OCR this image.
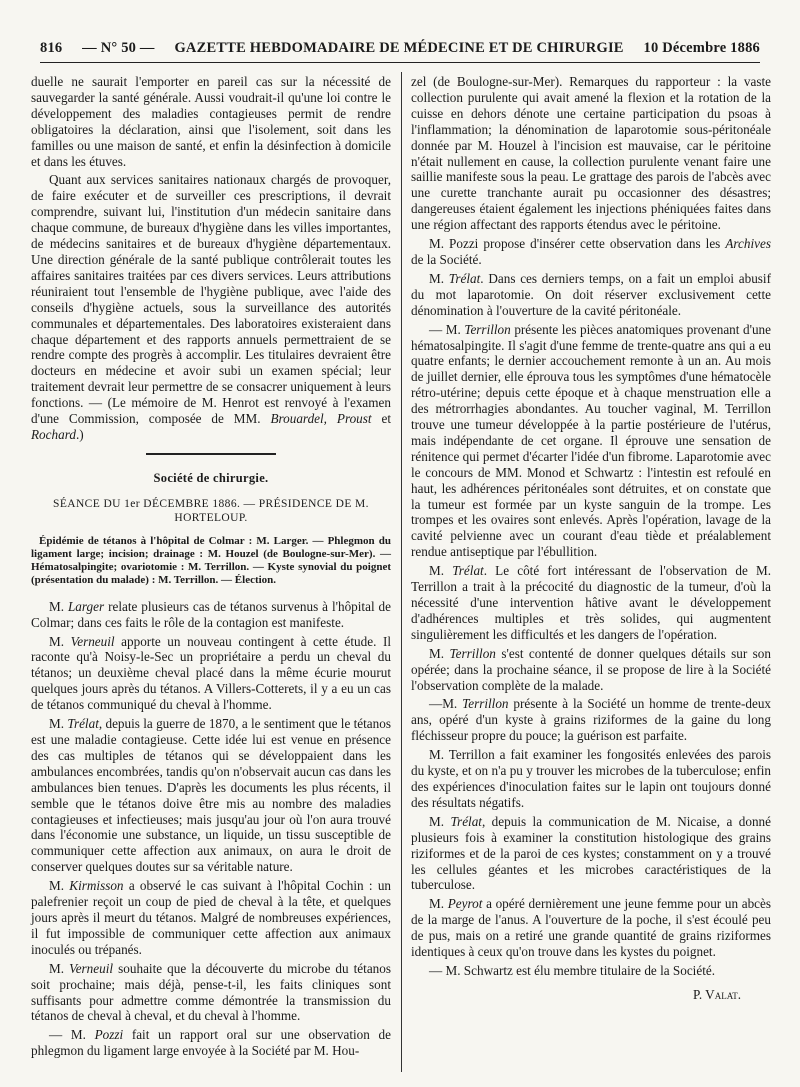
816 — N° 50 — GAZETTE HEBDOMADAIRE DE MÉDECINE ET DE CHIRURGIE 10 Décembre 1886

duelle ne saurait l'emporter en pareil cas sur la nécessité de sauvegarder la santé générale. Aussi voudrait-il qu'une loi contre le développement des maladies contagieuses permit de rendre obligatoires la déclaration, ainsi que l'isolement, soit dans les familles ou une maison de santé, et enfin la désinfection à domicile et dans les étuves.

Quant aux services sanitaires nationaux chargés de provoquer, de faire exécuter et de surveiller ces prescriptions, il devrait comprendre, suivant lui, l'institution d'un médecin sanitaire dans chaque commune, de bureaux d'hygiène dans les villes importantes, de médecins sanitaires et de bureaux d'hygiène départementaux. Une direction générale de la santé publique contrôlerait toutes les affaires sanitaires traitées par ces divers services. Leurs attributions réuniraient tout l'ensemble de l'hygiène publique, avec l'aide des conseils d'hygiène actuels, sous la surveillance des autorités communales et départementales. Des laboratoires existeraient dans chaque département et des rapports annuels permettraient de se rendre compte des progrès à accomplir. Les titulaires devraient être docteurs en médecine et avoir subi un examen spécial; leur traitement devrait leur permettre de se consacrer uniquement à leurs fonctions. — (Le mémoire de M. Henrot est renvoyé à l'examen d'une Commission, composée de MM. Brouardel, Proust et Rochard.)

Société de chirurgie.
SÉANCE DU 1er DÉCEMBRE 1886. — PRÉSIDENCE DE M. HORTELOUP.
Épidémie de tétanos à l'hôpital de Colmar : M. Larger. — Phlegmon du ligament large; incision; drainage : M. Houzel (de Boulogne-sur-Mer). — Hématosalpingite; ovariotomie : M. Terrillon. — Kyste synovial du poignet (présentation du malade) : M. Terrillon. — Élection.

M. Larger relate plusieurs cas de tétanos survenus à l'hôpital de Colmar; dans ces faits le rôle de la contagion est manifeste.

M. Verneuil apporte un nouveau contingent à cette étude. Il raconte qu'à Noisy-le-Sec un propriétaire a perdu un cheval du tétanos; un deuxième cheval placé dans la même écurie mourut quelques jours après du tétanos. A Villers-Cotterets, il y a eu un cas de tétanos communiqué du cheval à l'homme.

M. Trélat, depuis la guerre de 1870, a le sentiment que le tétanos est une maladie contagieuse. Cette idée lui est venue en présence des cas multiples de tétanos qui se développaient dans les ambulances encombrées, tandis qu'on n'observait aucun cas dans les ambulances bien tenues. D'après les documents les plus récents, il semble que le tétanos doive être mis au nombre des maladies contagieuses et infectieuses; mais jusqu'au jour où l'on aura trouvé dans l'économie une substance, un liquide, un tissu susceptible de communiquer cette affection aux animaux, on aura le droit de conserver quelques doutes sur sa véritable nature.

M. Kirmisson a observé le cas suivant à l'hôpital Cochin : un palefrenier reçoit un coup de pied de cheval à la tête, et quelques jours après il meurt du tétanos. Malgré de nombreuses expériences, il fut impossible de communiquer cette affection aux animaux inoculés ou trépanés.

M. Verneuil souhaite que la découverte du microbe du tétanos soit prochaine; mais déjà, pense-t-il, les faits cliniques sont suffisants pour admettre comme démontrée la transmission du tétanos de cheval à cheval, et du cheval à l'homme.

— M. Pozzi fait un rapport oral sur une observation de phlegmon du ligament large envoyée à la Société par M. Hou-

zel (de Boulogne-sur-Mer). Remarques du rapporteur : la vaste collection purulente qui avait amené la flexion et la rotation de la cuisse en dehors dénote une certaine participation du psoas à l'inflammation; la dénomination de laparotomie sous-péritonéale donnée par M. Houzel à l'incision est mauvaise, car le péritoine n'était nullement en cause, la collection purulente venant faire une saillie manifeste sous la peau. Le grattage des parois de l'abcès avec une curette tranchante aurait pu occasionner des désastres; dangereuses étaient également les injections phéniquées faites dans une région affectant des rapports étendus avec le péritoine.

M. Pozzi propose d'insérer cette observation dans les Archives de la Société.

M. Trélat. Dans ces derniers temps, on a fait un emploi abusif du mot laparotomie. On doit réserver exclusivement cette dénomination à l'ouverture de la cavité péritonéale.

— M. Terrillon présente les pièces anatomiques provenant d'une hématosalpingite. Il s'agit d'une femme de trente-quatre ans qui a eu quatre enfants; le dernier accouchement remonte à un an. Au mois de juillet dernier, elle éprouva tous les symptômes d'une hématocèle rétro-utérine; depuis cette époque et à chaque menstruation elle a des métrorrhagies abondantes. Au toucher vaginal, M. Terrillon trouve une tumeur développée à la partie postérieure de l'utérus, mais indépendante de cet organe. Il éprouve une sensation de rénitence qui permet d'écarter l'idée d'un fibrome. Laparotomie avec le concours de MM. Monod et Schwartz : l'intestin est refoulé en haut, les adhérences péritonéales sont détruites, et on constate que la tumeur est formée par un kyste sanguin de la trompe. Les trompes et les ovaires sont enlevés. Après l'opération, lavage de la cavité pelvienne avec un courant d'eau tiède et préalablement rendue antiseptique par l'ébullition.

M. Trélat. Le côté fort intéressant de l'observation de M. Terrillon a trait à la précocité du diagnostic de la tumeur, d'où la nécessité d'une intervention hâtive avant le développement d'adhérences multiples et très solides, qui augmentent singulièrement les difficultés et les dangers de l'opération.

M. Terrillon s'est contenté de donner quelques détails sur son opérée; dans la prochaine séance, il se propose de lire à la Société l'observation complète de la malade.

—M. Terrillon présente à la Société un homme de trente-deux ans, opéré d'un kyste à grains riziformes de la gaine du long fléchisseur propre du pouce; la guérison est parfaite.

M. Terrillon a fait examiner les fongosités enlevées des parois du kyste, et on n'a pu y trouver les microbes de la tuberculose; enfin des expériences d'inoculation faites sur le lapin ont toujours donné des résultats négatifs.

M. Trélat, depuis la communication de M. Nicaise, a donné plusieurs fois à examiner la constitution histologique des grains riziformes et de la paroi de ces kystes; constamment on y a trouvé les cellules géantes et les microbes caractéristiques de la tuberculose.

M. Peyrot a opéré dernièrement une jeune femme pour un abcès de la marge de l'anus. A l'ouverture de la poche, il s'est écoulé peu de pus, mais on a retiré une grande quantité de grains riziformes identiques à ceux qu'on trouve dans les kystes du poignet.

— M. Schwartz est élu membre titulaire de la Société.

P. Valat.
